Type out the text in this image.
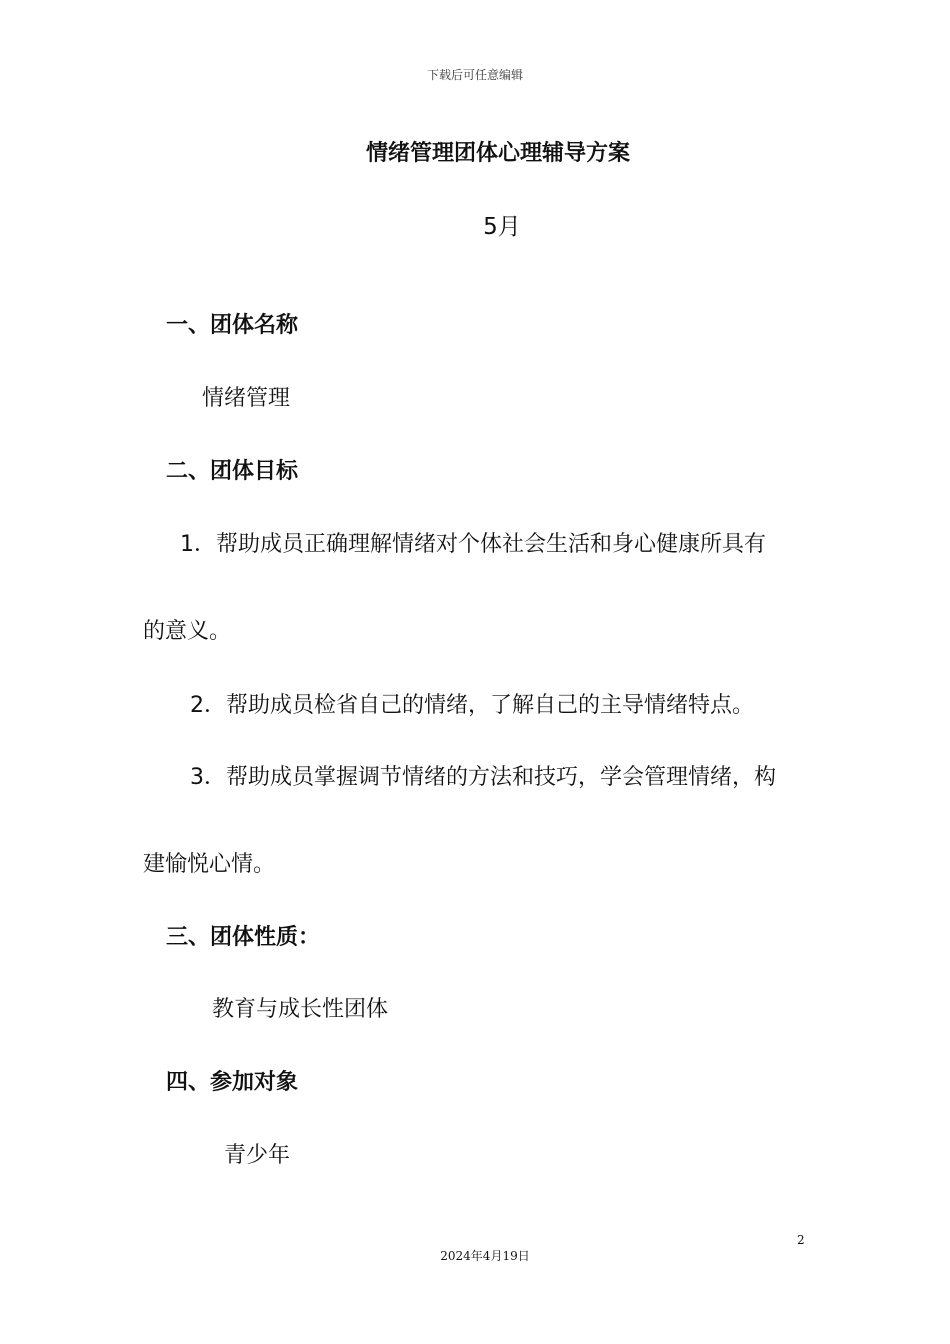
下载后可任意编辑
情绪管理团体心理辅导方案
5月
一、团体名称
情绪管理
二、团体目标
1．帮助成员正确理解情绪对个体社会生活和身心健康所具有
的意义。
2．帮助成员检省自己的情绪，了解自己的主导情绪特点。
3．帮助成员掌握调节情绪的方法和技巧，学会管理情绪，构
建愉悦心情。
三、团体性质：
教育与成长性团体
四、参加对象
青少年
2
2024年4月19日
